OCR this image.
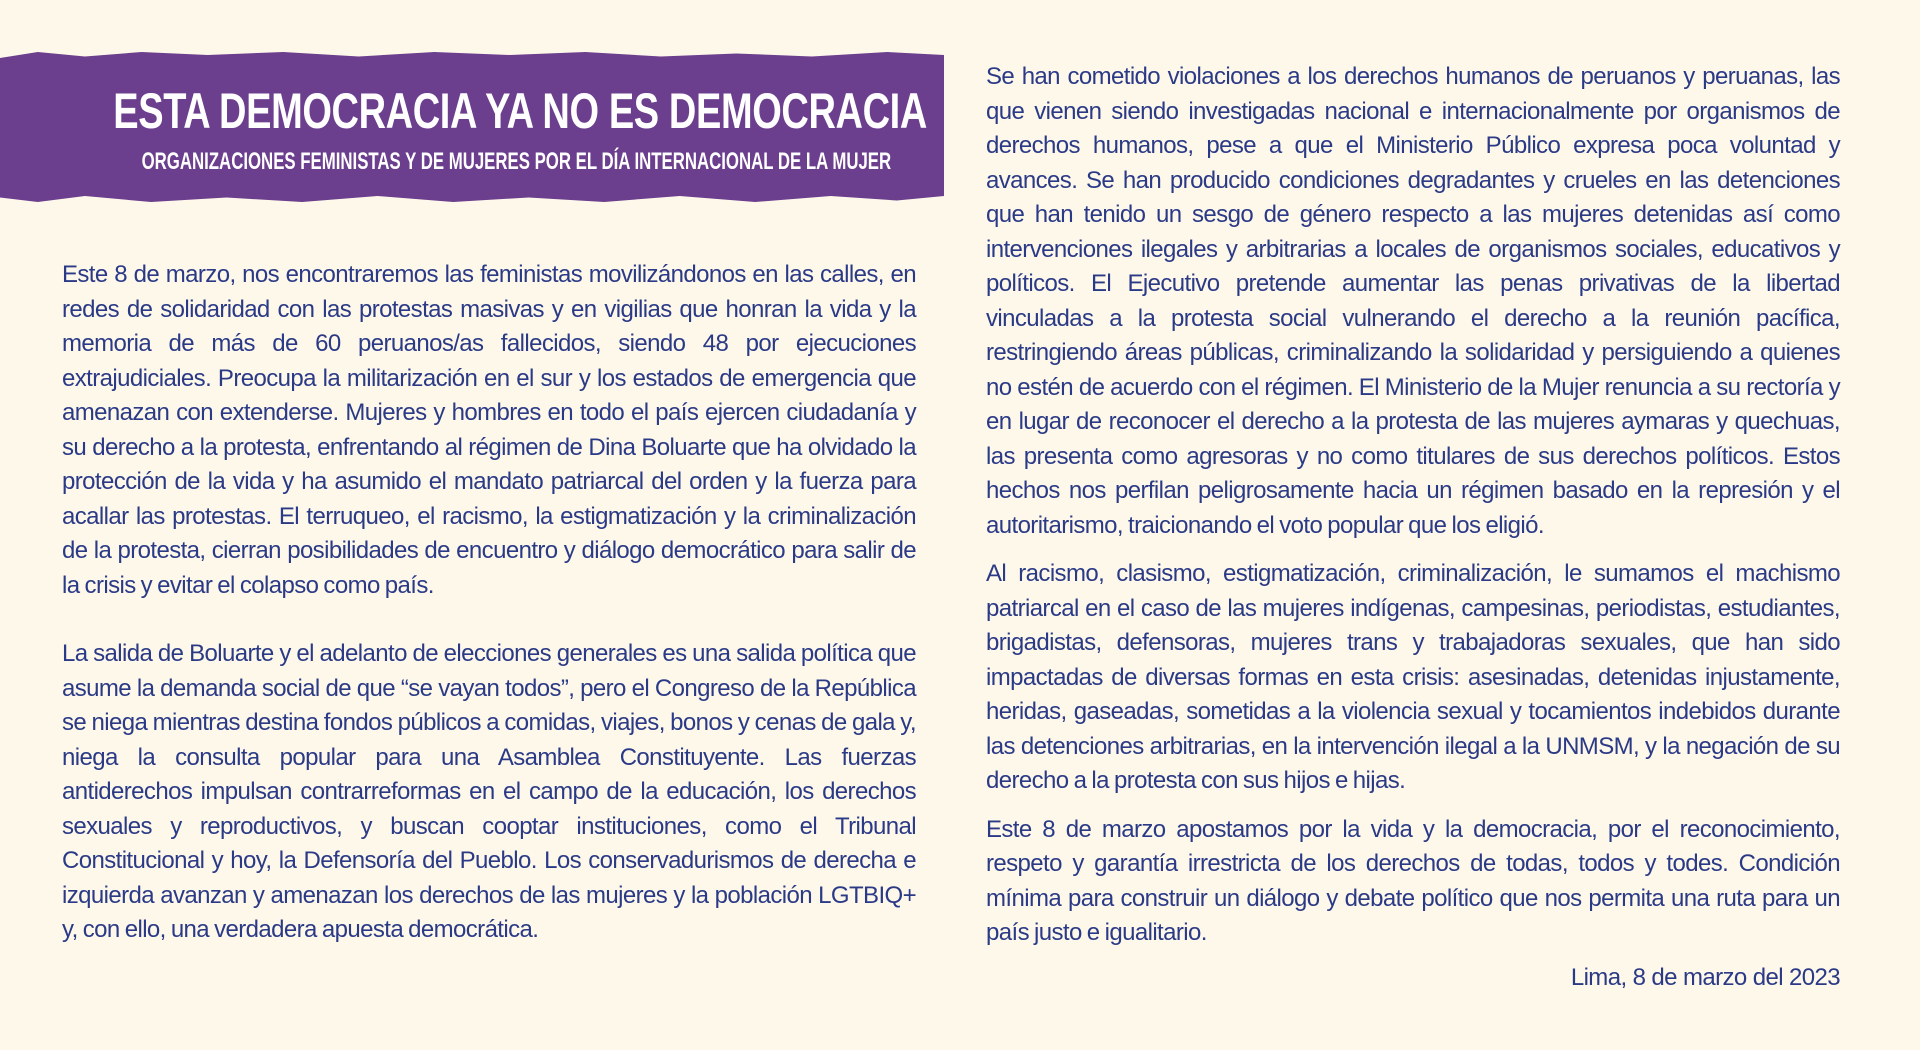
ESTA DEMOCRACIA YA NO ES DEMOCRACIA
ORGANIZACIONES FEMINISTAS Y DE MUJERES POR EL DÍA INTERNACIONAL DE LA MUJER

Este 8 de marzo, nos encontraremos las feministas movilizándonos en las calles, en redes de solidaridad con las protestas masivas y en vigilias que honran la vida y la memoria de más de 60 peruanos/as fallecidos, siendo 48 por ejecuciones extrajudiciales. Preocupa la militarización en el sur y los estados de emergencia que amenazan con extenderse. Mujeres y hombres en todo el país ejercen ciudadanía y su derecho a la protesta, enfrentando al régimen de Dina Boluarte que ha olvidado la protección de la vida y ha asumido el mandato patriarcal del orden y la fuerza para acallar las protestas. El terruqueo, el racismo, la estigmatización y la criminalización de la protesta, cierran posibilidades de encuentro y diálogo democrático para salir de la crisis y evitar el colapso como país.

La salida de Boluarte y el adelanto de elecciones generales es una salida política que asume la demanda social de que “se vayan todos”, pero el Congreso de la República se niega mientras destina fondos públicos a comidas, viajes, bonos y cenas de gala y, niega la consulta popular para una Asamblea Constituyente. Las fuerzas antiderechos impulsan contrarreformas en el campo de la educación, los derechos sexuales y reproductivos, y buscan cooptar instituciones, como el Tribunal Constitucional y hoy, la Defensoría del Pueblo. Los conservadurismos de derecha e izquierda avanzan y amenazan los derechos de las mujeres y la población LGTBIQ+ y, con ello, una verdadera apuesta democrática.

Se han cometido violaciones a los derechos humanos de peruanos y peruanas, las que vienen siendo investigadas nacional e internacionalmente por organismos de derechos humanos, pese a que el Ministerio Público expresa poca voluntad y avances. Se han producido condiciones degradantes y crueles en las detenciones que han tenido un sesgo de género respecto a las mujeres detenidas así como intervenciones ilegales y arbitrarias a locales de organismos sociales, educativos y políticos. El Ejecutivo pretende aumentar las penas privativas de la libertad vinculadas a la protesta social vulnerando el derecho a la reunión pacífica, restringiendo áreas públicas, criminalizando la solidaridad y persiguiendo a quienes no estén de acuerdo con el régimen. El Ministerio de la Mujer renuncia a su rectoría y en lugar de reconocer el derecho a la protesta de las mujeres aymaras y quechuas, las presenta como agresoras y no como titulares de sus derechos políticos. Estos hechos nos perfilan peligrosamente hacia un régimen basado en la represión y el autoritarismo, traicionando el voto popular que los eligió.

Al racismo, clasismo, estigmatización, criminalización, le sumamos el machismo patriarcal en el caso de las mujeres indígenas, campesinas, periodistas, estudiantes, brigadistas, defensoras, mujeres trans y trabajadoras sexuales, que han sido impactadas de diversas formas en esta crisis: asesinadas, detenidas injustamente, heridas, gaseadas, sometidas a la violencia sexual y tocamientos indebidos durante las detenciones arbitrarias, en la intervención ilegal a la UNMSM, y la negación de su derecho a la protesta con sus hijos e hijas.

Este 8 de marzo apostamos por la vida y la democracia, por el reconocimiento, respeto y garantía irrestricta de los derechos de todas, todos y todes. Condición mínima para construir un diálogo y debate político que nos permita una ruta para un país justo e igualitario.

Lima, 8 de marzo del 2023
